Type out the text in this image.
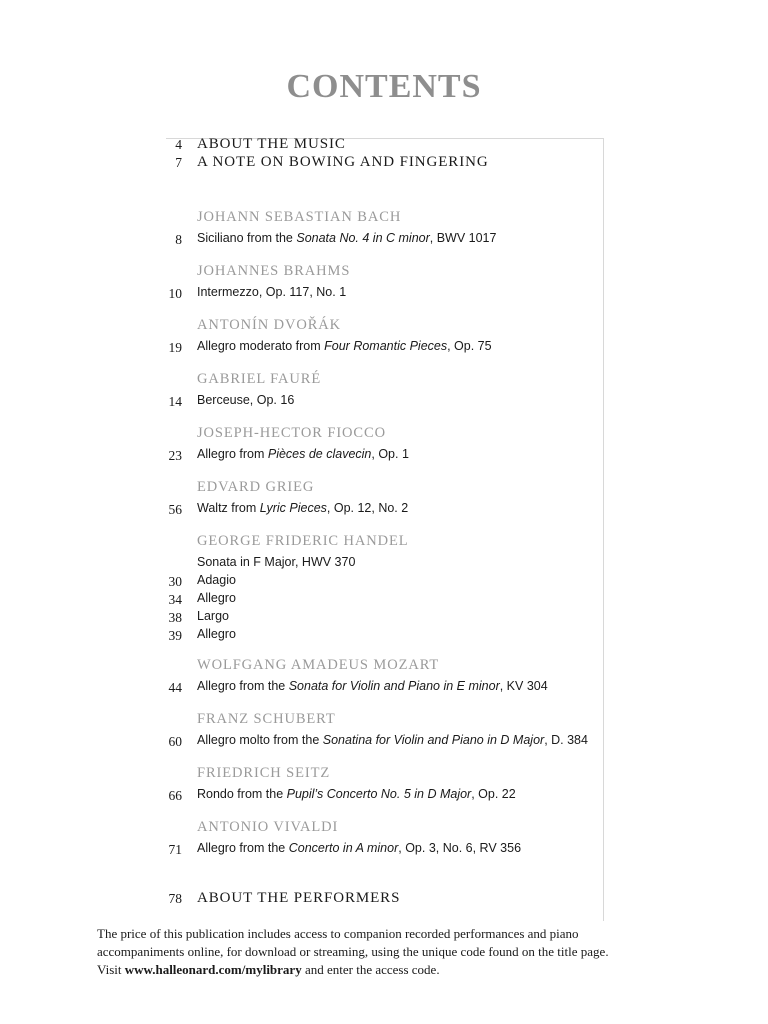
CONTENTS
4 ABOUT THE MUSIC
7 A NOTE ON BOWING AND FINGERING
JOHANN SEBASTIAN BACH
8 Siciliano from the Sonata No. 4 in C minor, BWV 1017
JOHANNES BRAHMS
10 Intermezzo, Op. 117, No. 1
ANTONÍN DVOŘÁK
19 Allegro moderato from Four Romantic Pieces, Op. 75
GABRIEL FAURÉ
14 Berceuse, Op. 16
JOSEPH-HECTOR FIOCCO
23 Allegro from Pièces de clavecin, Op. 1
EDVARD GRIEG
56 Waltz from Lyric Pieces, Op. 12, No. 2
GEORGE FRIDERIC HANDEL
Sonata in F Major, HWV 370
30 Adagio
34 Allegro
38 Largo
39 Allegro
WOLFGANG AMADEUS MOZART
44 Allegro from the Sonata for Violin and Piano in E minor, KV 304
FRANZ SCHUBERT
60 Allegro molto from the Sonatina for Violin and Piano in D Major, D. 384
FRIEDRICH SEITZ
66 Rondo from the Pupil’s Concerto No. 5 in D Major, Op. 22
ANTONIO VIVALDI
71 Allegro from the Concerto in A minor, Op. 3, No. 6, RV 356
78 ABOUT THE PERFORMERS
The price of this publication includes access to companion recorded performances and piano
accompaniments online, for download or streaming, using the unique code found on the title page.
Visit www.halleonard.com/mylibrary and enter the access code.
